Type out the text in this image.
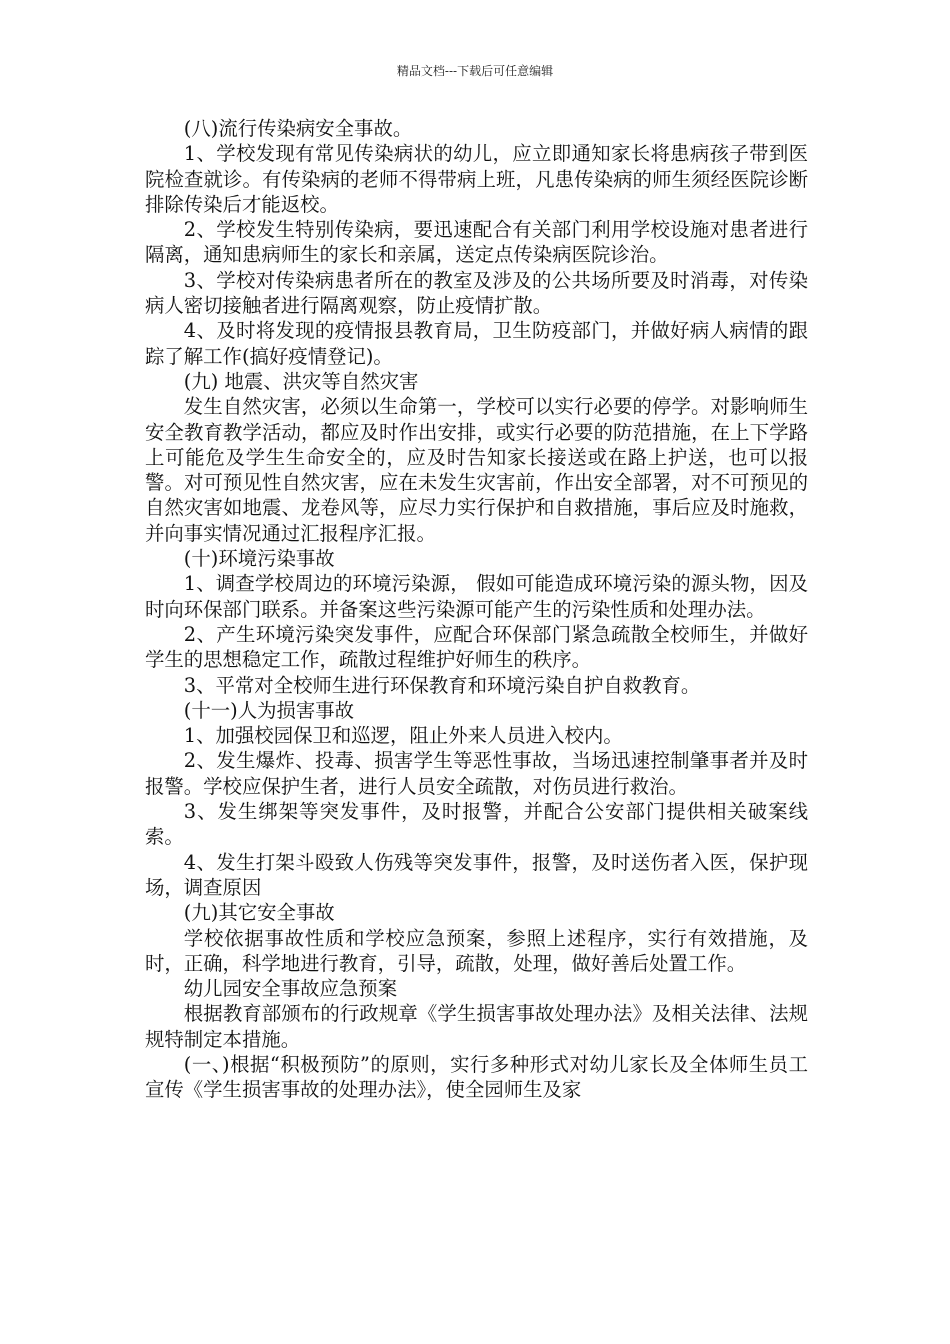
精品文档---下载后可任意编辑

(八)流行传染病安全事故。

1、学校发现有常见传染病状的幼儿，应立即通知家长将患病孩子带到医院检查就诊。有传染病的老师不得带病上班，凡患传染病的师生须经医院诊断排除传染后才能返校。

2、学校发生特别传染病，要迅速配合有关部门利用学校设施对患者进行隔离，通知患病师生的家长和亲属，送定点传染病医院诊治。

3、学校对传染病患者所在的教室及涉及的公共场所要及时消毒，对传染病人密切接触者进行隔离观察，防止疫情扩散。

4、及时将发现的疫情报县教育局，卫生防疫部门，并做好病人病情的跟踪了解工作(搞好疫情登记)。

(九) 地震、洪灾等自然灾害

发生自然灾害，必须以生命第一，学校可以实行必要的停学。对影响师生安全教育教学活动，都应及时作出安排，或实行必要的防范措施，在上下学路上可能危及学生生命安全的，应及时告知家长接送或在路上护送，也可以报警。对可预见性自然灾害，应在未发生灾害前，作出安全部署，对不可预见的自然灾害如地震、龙卷风等，应尽力实行保护和自救措施，事后应及时施救，并向事实情况通过汇报程序汇报。

(十)环境污染事故

1、调查学校周边的环境污染源， 假如可能造成环境污染的源头物，因及时向环保部门联系。并备案这些污染源可能产生的污染性质和处理办法。

2、产生环境污染突发事件，应配合环保部门紧急疏散全校师生，并做好学生的思想稳定工作，疏散过程维护好师生的秩序。

3、平常对全校师生进行环保教育和环境污染自护自救教育。

(十一)人为损害事故

1、加强校园保卫和巡逻，阻止外来人员进入校内。

2、发生爆炸、投毒、损害学生等恶性事故，当场迅速控制肇事者并及时报警。学校应保护生者，进行人员安全疏散，对伤员进行救治。

3、发生绑架等突发事件，及时报警，并配合公安部门提供相关破案线索。

4、发生打架斗殴致人伤残等突发事件，报警，及时送伤者入医，保护现场，调查原因

(九)其它安全事故

学校依据事故性质和学校应急预案，参照上述程序，实行有效措施，及时，正确，科学地进行教育，引导，疏散，处理，做好善后处置工作。

幼儿园安全事故应急预案

根据教育部颁布的行政规章《学生损害事故处理办法》及相关法律、法规规特制定本措施。

(一、)根据“积极预防”的原则，实行多种形式对幼儿家长及全体师生员工宣传《学生损害事故的处理办法》，使全园师生及家
